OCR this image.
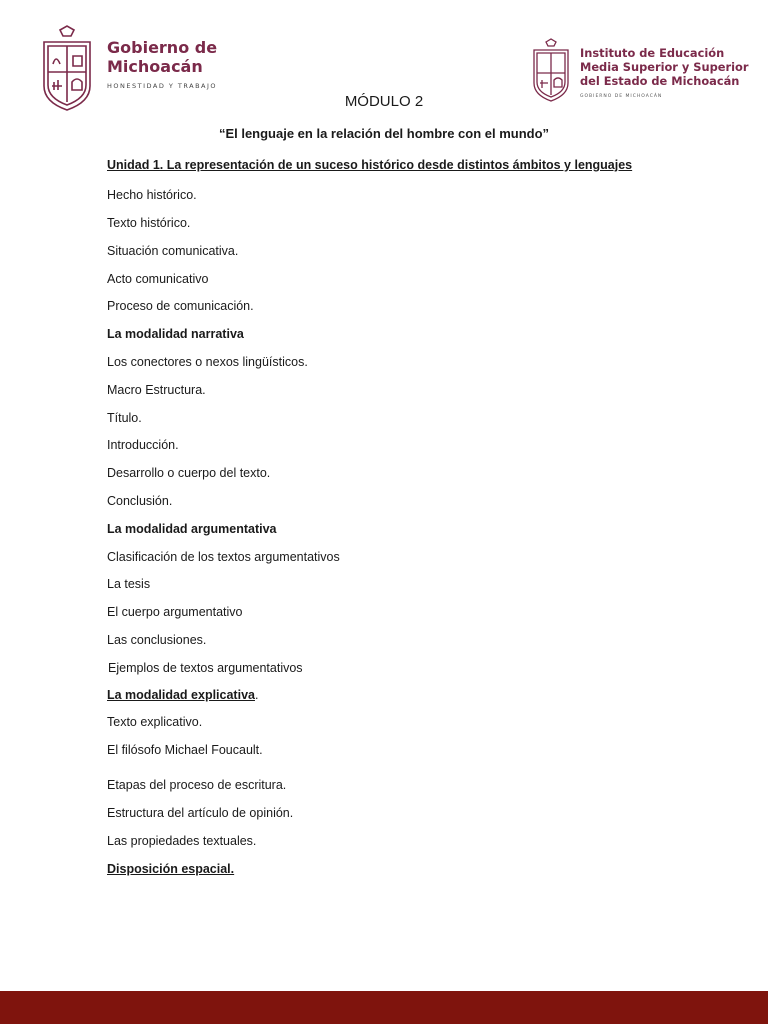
Gobierno de Michoacán
HONESTIDAD Y TRABAJO
Instituto de Educación Media Superior y Superior del Estado de Michoacán
GOBIERNO DE MICHOACÁN
MÓDULO 2
“El lenguaje en la relación del hombre con el mundo”
Unidad 1. La representación de un suceso histórico desde distintos ámbitos y lenguajes
Hecho histórico.
Texto histórico.
Situación comunicativa.
Acto comunicativo
Proceso de comunicación.
La modalidad narrativa
Los conectores o nexos lingüísticos.
Macro Estructura.
Título.
Introducción.
Desarrollo o cuerpo del texto.
Conclusión.
La modalidad argumentativa
Clasificación de los textos argumentativos
La tesis
El cuerpo argumentativo
Las conclusiones.
Ejemplos de textos argumentativos
La modalidad explicativa.
Texto explicativo.
El filósofo Michael Foucault.
Etapas del proceso de escritura.
Estructura del artículo de opinión.
Las propiedades textuales.
Disposición espacial.
